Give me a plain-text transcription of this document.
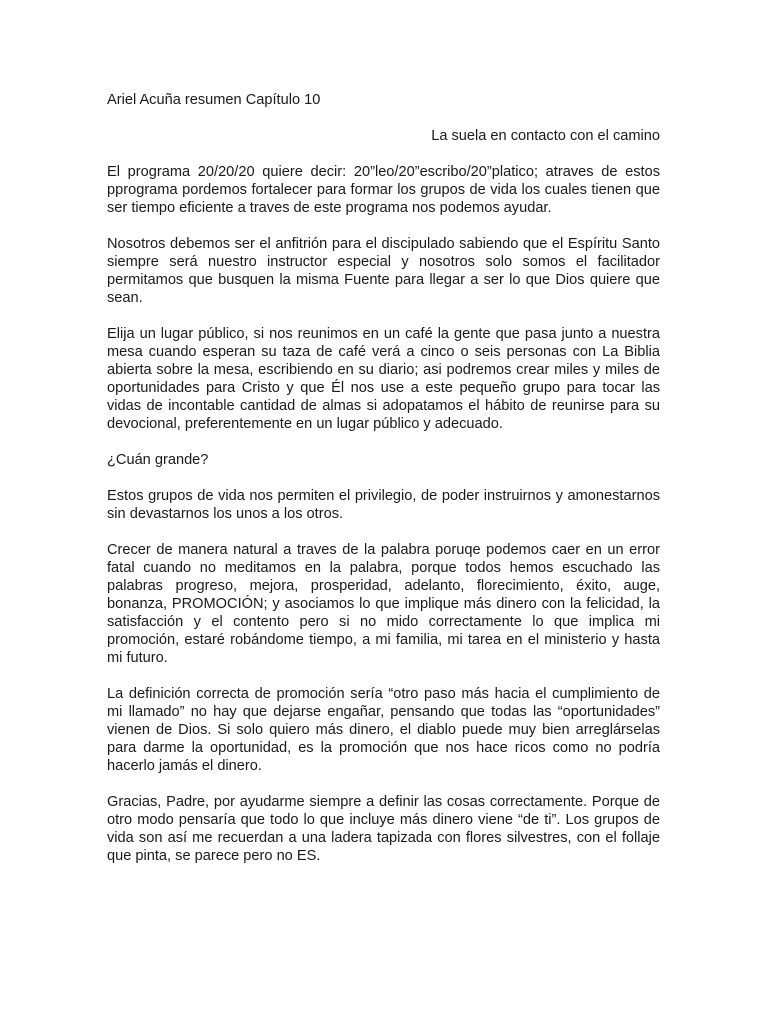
Ariel Acuña resumen Capítulo 10

La suela en contacto con el camino

El programa 20/20/20 quiere decir: 20”leo/20”escribo/20”platico; atraves de estos pprograma pordemos fortalecer para formar los grupos de vida los cuales tienen que ser tiempo eficiente a traves de este programa nos podemos ayudar.

Nosotros debemos ser el anfitrión para el discipulado sabiendo que el Espíritu Santo siempre será nuestro instructor especial y nosotros solo somos el facilitador permitamos que busquen la misma Fuente para llegar a ser lo que Dios quiere que sean.

Elija un lugar público, si nos reunimos en un café la gente que pasa junto a nuestra mesa cuando esperan su taza de café verá a cinco o seis personas con La Biblia abierta sobre la mesa, escribiendo en su diario; asi podremos crear miles y miles de oportunidades para Cristo y que Él nos use a este pequeño grupo para tocar las vidas de incontable cantidad de almas si adopatamos el hábito de reunirse para su devocional, preferentemente en un lugar público y adecuado.

¿Cuán grande?

Estos grupos de vida nos permiten el privilegio, de poder instruirnos y amonestarnos sin devastarnos los unos a los otros.

Crecer de manera natural a traves de la palabra poruqe podemos caer en un error fatal cuando no meditamos en la palabra, porque todos hemos escuchado las palabras progreso, mejora, prosperidad, adelanto, florecimiento, éxito, auge, bonanza, PROMOCIÓN; y asociamos lo que implique más dinero con la felicidad, la satisfacción y el contento pero si no mido correctamente lo que implica mi promoción, estaré robándome tiempo, a mi familia, mi tarea en el ministerio y hasta mi futuro.

La definición correcta de promoción sería “otro paso más hacia el cumplimiento de mi llamado” no hay que dejarse engañar, pensando que todas las “oportunidades” vienen de Dios. Si solo quiero más dinero, el diablo puede muy bien arreglárselas para darme la oportunidad, es la promoción que nos hace ricos como no podría hacerlo jamás el dinero.

Gracias, Padre, por ayudarme siempre a definir las cosas correctamente. Porque de otro modo pensaría que todo lo que incluye más dinero viene “de ti”. Los grupos de vida son así me recuerdan a una ladera tapizada con flores silvestres, con el follaje que pinta, se parece pero no ES.
